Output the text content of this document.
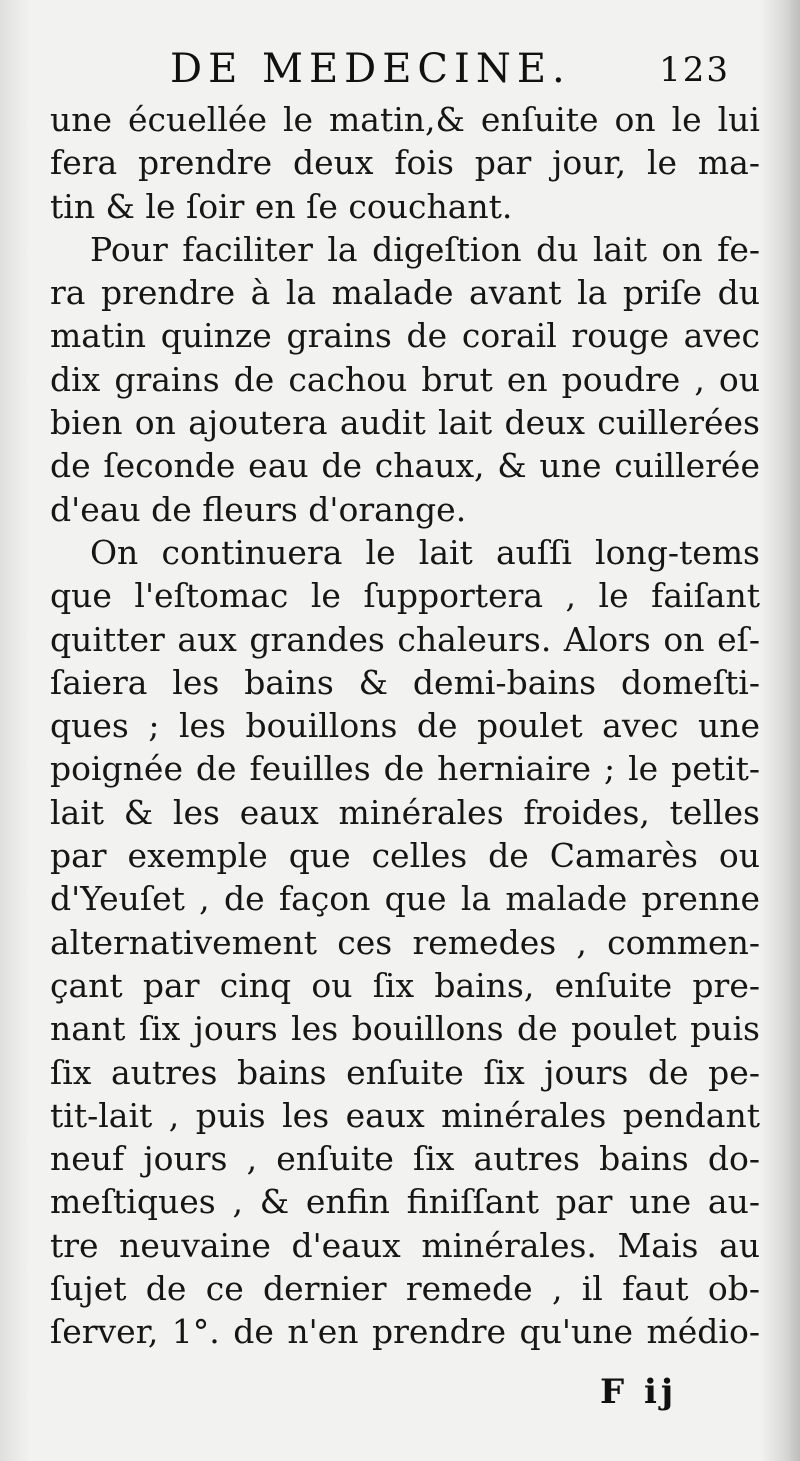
DE MEDECINE.	123
une écuellée le matin,& enſuite on le lui
fera prendre deux fois par jour, le ma-
tin & le ſoir en ſe couchant.
Pour faciliter la digeſtion du lait on fe-
ra prendre à la malade avant la priſe du
matin quinze grains de corail rouge avec
dix grains de cachou brut en poudre , ou
bien on ajoutera audit lait deux cuillerées
de ſeconde eau de chaux, & une cuillerée
d'eau de fleurs d'orange.
On continuera le lait auſſi long-tems
que l'eſtomac le ſupportera , le faiſant
quitter aux grandes chaleurs. Alors on eſ-
ſaiera les bains & demi-bains domeſti-
ques ; les bouillons de poulet avec une
poignée de feuilles de herniaire ; le petit-
lait & les eaux minérales froides, telles
par exemple que celles de Camarès ou
d'Yeuſet , de façon que la malade prenne
alternativement ces remedes , commen-
çant par cinq ou ſix bains, enſuite pre-
nant ſix jours les bouillons de poulet puis
ſix autres bains enſuite ſix jours de pe-
tit-lait , puis les eaux minérales pendant
neuf jours , enſuite ſix autres bains do-
meſtiques , & enfin finiſſant par une au-
tre neuvaine d'eaux minérales. Mais au
ſujet de ce dernier remede , il faut ob-
ſerver, 1°. de n'en prendre qu'une médio-
F ij
